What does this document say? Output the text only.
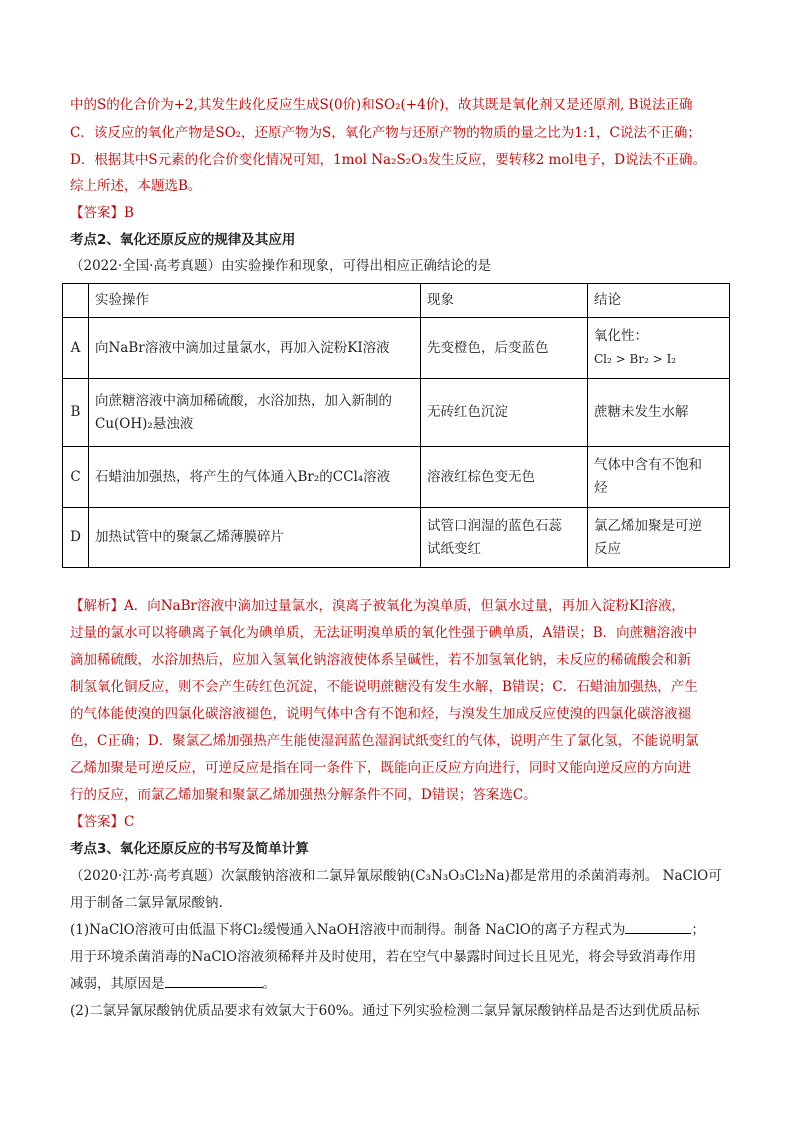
中的S的化合价为+2,其发生歧化反应生成S(0价)和SO₂(+4价)，故其既是氧化剂又是还原剂, B说法正确
C．该反应的氧化产物是SO₂，还原产物为S，氧化产物与还原产物的物质的量之比为1:1，C说法不正确；
D．根据其中S元素的化合价变化情况可知，1mol Na₂S₂O₃发生反应，要转移2 mol电子，D说法不正确。
综上所述，本题选B。
【答案】B
考点2、氧化还原反应的规律及其应用
（2022·全国·高考真题）由实验操作和现象，可得出相应正确结论的是
	实验操作	现象	结论
A	向NaBr溶液中滴加过量氯水，再加入淀粉KI溶液	先变橙色，后变蓝色	氧化性：
Cl₂ > Br₂ > I₂

B	向蔗糖溶液中滴加稀硫酸，水浴加热，加入新制的
Cu(OH)₂悬浊液	无砖红色沉淀	蔗糖未发生水解

C	石蜡油加强热，将产生的气体通入Br₂的CCl₄溶液	溶液红棕色变无色	气体中含有不饱和
烃

D	加热试管中的聚氯乙烯薄膜碎片	试管口润湿的蓝色石蕊
试纸变红	氯乙烯加聚是可逆
反应
【解析】A．向NaBr溶液中滴加过量氯水，溴离子被氧化为溴单质，但氯水过量，再加入淀粉KI溶液，
过量的氯水可以将碘离子氧化为碘单质，无法证明溴单质的氧化性强于碘单质，A错误；B．向蔗糖溶液中
滴加稀硫酸，水浴加热后，应加入氢氧化钠溶液使体系呈碱性，若不加氢氧化钠，未反应的稀硫酸会和新
制氢氧化铜反应，则不会产生砖红色沉淀，不能说明蔗糖没有发生水解，B错误；C．石蜡油加强热，产生
的气体能使溴的四氯化碳溶液褪色，说明气体中含有不饱和烃，与溴发生加成反应使溴的四氯化碳溶液褪
色，C正确；D．聚氯乙烯加强热产生能使湿润蓝色湿润试纸变红的气体，说明产生了氯化氢，不能说明氯
乙烯加聚是可逆反应，可逆反应是指在同一条件下，既能向正反应方向进行，同时又能向逆反应的方向进
行的反应，而氯乙烯加聚和聚氯乙烯加强热分解条件不同，D错误；答案选C。
【答案】C
考点3、氧化还原反应的书写及简单计算
（2020·江苏·高考真题）次氯酸钠溶液和二氯异氰尿酸钠(C₃N₃O₃Cl₂Na)都是常用的杀菌消毒剂。 NaClO可
用于制备二氯异氰尿酸钠.
(1)NaClO溶液可由低温下将Cl₂缓慢通入NaOH溶液中而制得。制备 NaClO的离子方程式为	；
用于环境杀菌消毒的NaClO溶液须稀释并及时使用，若在空气中暴露时间过长且见光，将会导致消毒作用
减弱，其原因是	。
(2)二氯异氰尿酸钠优质品要求有效氯大于60%。通过下列实验检测二氯异氰尿酸钠样品是否达到优质品标
